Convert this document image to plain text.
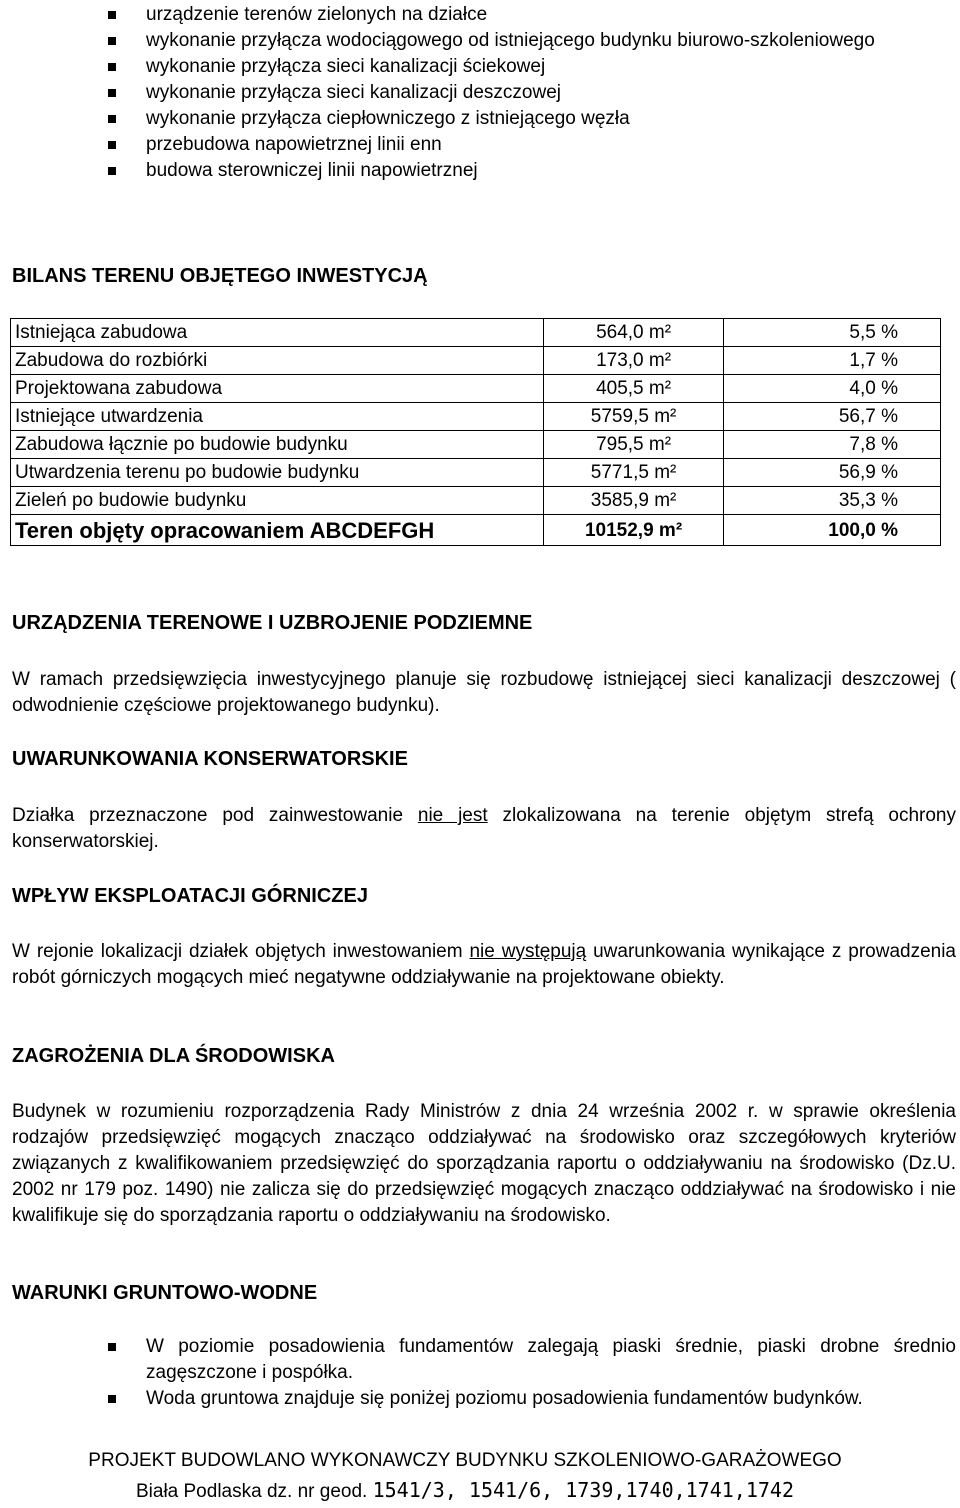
urządzenie terenów zielonych na działce
wykonanie przyłącza wodociągowego od istniejącego budynku biurowo-szkoleniowego
wykonanie przyłącza sieci kanalizacji ściekowej
wykonanie przyłącza sieci kanalizacji deszczowej
wykonanie przyłącza ciepłowniczego z istniejącego węzła
przebudowa napowietrznej linii enn
budowa sterowniczej linii napowietrznej
BILANS TERENU OBJĘTEGO INWESTYCJĄ
Istniejąca zabudowa	564,0 m²	5,5 %
Zabudowa do rozbiórki	173,0 m²	1,7 %
Projektowana zabudowa	405,5 m²	4,0 %
Istniejące utwardzenia	5759,5 m²	56,7 %
Zabudowa łącznie po budowie budynku	795,5 m²	7,8 %
Utwardzenia terenu po budowie budynku	5771,5 m²	56,9 %
Zieleń po budowie budynku	3585,9 m²	35,3 %
Teren objęty opracowaniem ABCDEFGH	10152,9 m²	100,0 %
URZĄDZENIA TERENOWE I UZBROJENIE PODZIEMNE

W ramach przedsięwzięcia inwestycyjnego planuje się rozbudowę istniejącej sieci kanalizacji deszczowej ( odwodnienie częściowe projektowanego budynku).

UWARUNKOWANIA KONSERWATORSKIE

Działka przeznaczone pod zainwestowanie nie jest zlokalizowana na terenie objętym strefą ochrony konserwatorskiej.

WPŁYW EKSPLOATACJI GÓRNICZEJ

W rejonie lokalizacji działek objętych inwestowaniem nie występują uwarunkowania wynikające z prowadzenia robót górniczych mogących mieć negatywne oddziaływanie na projektowane obiekty.

ZAGROŻENIA DLA ŚRODOWISKA

Budynek w rozumieniu rozporządzenia Rady Ministrów z dnia 24 września 2002 r. w sprawie określenia rodzajów przedsięwzięć mogących znacząco oddziaływać na środowisko oraz szczegółowych kryteriów związanych z kwalifikowaniem przedsięwzięć do sporządzania raportu o oddziaływaniu na środowisko (Dz.U. 2002 nr 179 poz. 1490) nie zalicza się do przedsięwzięć mogących znacząco oddziaływać na środowisko i nie kwalifikuje się do sporządzania raportu o oddziaływaniu na środowisko.

WARUNKI GRUNTOWO-WODNE
W poziomie posadowienia fundamentów zalegają piaski średnie, piaski drobne średnio zagęszczone i pospółka.
Woda gruntowa znajduje się poniżej poziomu posadowienia fundamentów budynków.
PROJEKT BUDOWLANO WYKONAWCZY BUDYNKU SZKOLENIOWO-GARAŻOWEGO
Biała Podlaska dz. nr geod. 1541/3, 1541/6, 1739,1740,1741,1742
